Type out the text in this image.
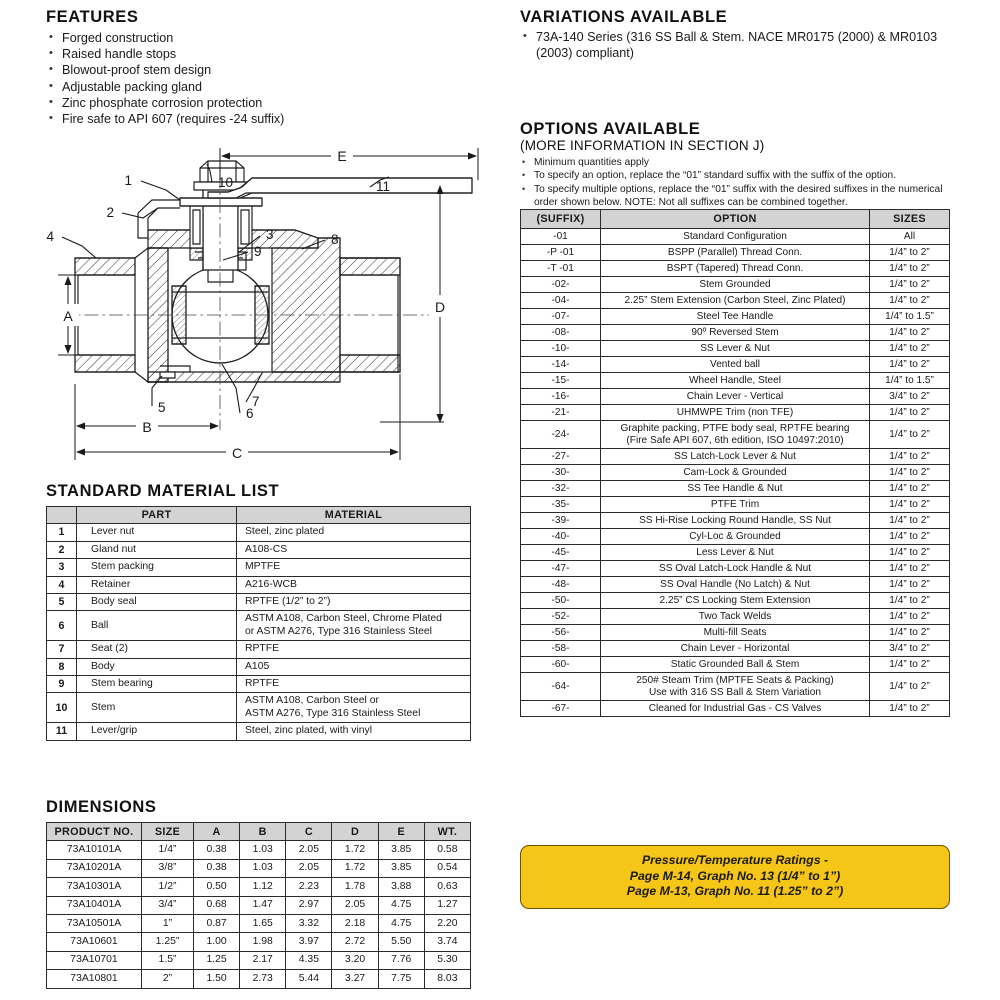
FEATURES
• Forged construction
• Raised handle stops
• Blowout-proof stem design
• Adjustable packing gland
• Zinc phosphate corrosion protection
• Fire safe to API 607 (requires -24 suffix)
VARIATIONS AVAILABLE
• 73A-140 Series (316 SS Ball & Stem. NACE MR0175 (2000) & MR0103 (2003) compliant)
OPTIONS AVAILABLE
(MORE INFORMATION IN SECTION J)
• Minimum quantities apply
• To specify an option, replace the “01” standard suffix with the suffix of the option.
• To specify multiple options, replace the “01” suffix with the desired suffixes in the numerical order shown below. NOTE: Not all suffixes can be combined together.
(SUFFIX)	OPTION	SIZES
-01	Standard Configuration	All
-P -01	BSPP (Parallel) Thread Conn.	1/4” to 2”
-T -01	BSPT (Tapered) Thread Conn.	1/4” to 2”
-02-	Stem Grounded	1/4” to 2”
-04-	2.25” Stem Extension (Carbon Steel, Zinc Plated)	1/4” to 2”
-07-	Steel Tee Handle	1/4” to 1.5”
-08-	90º Reversed Stem	1/4” to 2”
-10-	SS Lever & Nut	1/4” to 2”
-14-	Vented ball	1/4” to 2”
-15-	Wheel Handle, Steel	1/4” to 1.5”
-16-	Chain Lever - Vertical	3/4” to 2”
-21-	UHMWPE Trim (non TFE)	1/4” to 2”
-24-	Graphite packing, PTFE body seal, RPTFE bearing
(Fire Safe API 607, 6th edition, ISO 10497:2010)	1/4” to 2”
-27-	SS Latch-Lock Lever & Nut	1/4” to 2”
-30-	Cam-Lock & Grounded	1/4” to 2”
-32-	SS Tee Handle & Nut	1/4” to 2”
-35-	PTFE Trim	1/4” to 2”
-39-	SS Hi-Rise Locking Round Handle, SS Nut	1/4” to 2”
-40-	Cyl-Loc & Grounded	1/4” to 2”
-45-	Less Lever & Nut	1/4” to 2”
-47-	SS Oval Latch-Lock Handle & Nut	1/4” to 2”
-48-	SS Oval Handle (No Latch) & Nut	1/4” to 2”
-50-	2.25” CS Locking Stem Extension	1/4” to 2”
-52-	Two Tack Welds	1/4” to 2”
-56-	Multi-fill Seats	1/4” to 2”
-58-	Chain Lever - Horizontal	3/4” to 2”
-60-	Static Grounded Ball & Stem	1/4” to 2”
-64-	250# Steam Trim (MPTFE Seats & Packing)
Use with 316 SS Ball & Stem Variation	1/4” to 2”
-67-	Cleaned for Industrial Gas - CS Valves	1/4” to 2”
Pressure/Temperature Ratings -
Page M-14, Graph No. 13 (1/4” to 1”)
Page M-13, Graph No. 11 (1.25” to 2”)
1
2
3
4
5	6
7
8
9
10	11
E
D
A
B
C
STANDARD MATERIAL LIST
	PART	MATERIAL
1	Lever nut	Steel, zinc plated
2	Gland nut	A108-CS
3	Stem packing	MPTFE
4	Retainer	A216-WCB
5	Body seal	RPTFE (1/2” to 2”)
6	Ball	ASTM A108, Carbon Steel, Chrome Plated
or ASTM A276, Type 316 Stainless Steel
7	Seat (2)	RPTFE
8	Body	A105
9	Stem bearing	RPTFE
10	Stem	ASTM A108, Carbon Steel or
ASTM A276, Type 316 Stainless Steel
11	Lever/grip	Steel, zinc plated, with vinyl
DIMENSIONS
PRODUCT NO.	SIZE	A	B	C	D	E	WT.
73A10101A	1/4”	0.38	1.03	2.05	1.72	3.85	0.58
73A10201A	3/8”	0.38	1.03	2.05	1.72	3.85	0.54
73A10301A	1/2”	0.50	1.12	2.23	1.78	3.88	0.63
73A10401A	3/4”	0.68	1.47	2.97	2.05	4.75	1.27
73A10501A	1”	0.87	1.65	3.32	2.18	4.75	2.20
73A10601	1.25”	1.00	1.98	3.97	2.72	5.50	3.74
73A10701	1.5”	1.25	2.17	4.35	3.20	7.76	5.30
73A10801	2”	1.50	2.73	5.44	3.27	7.75	8.03
